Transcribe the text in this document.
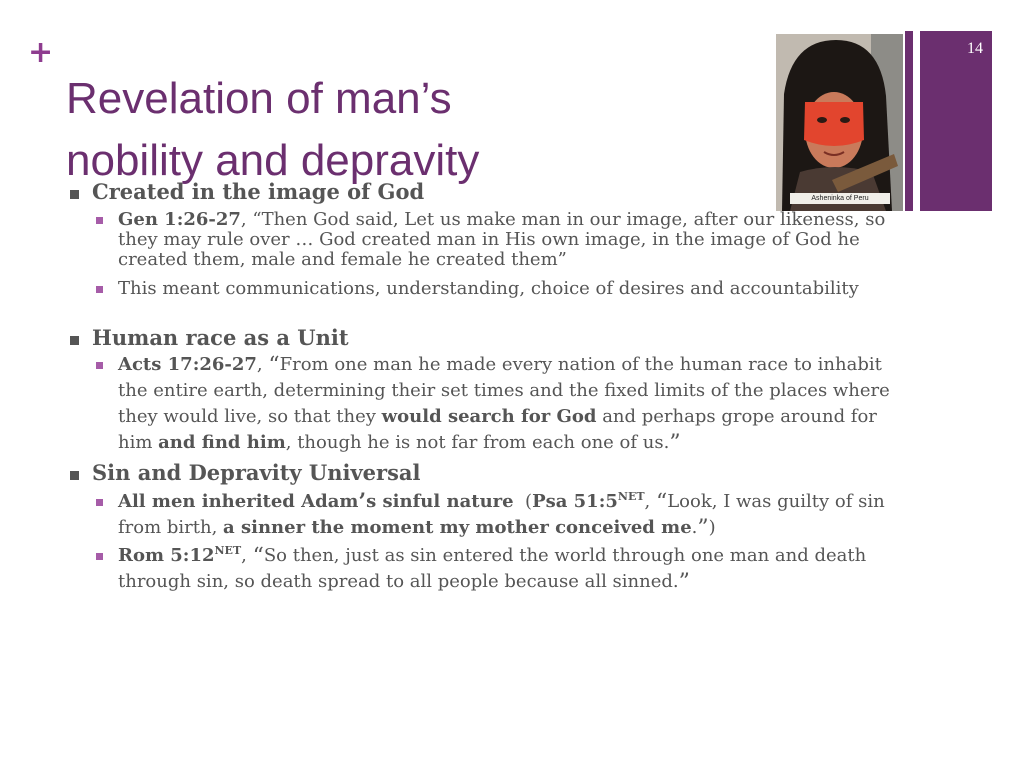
+
Revelation of man’s
nobility and depravity
Asheninka of Peru
14
Created in the image of God
Gen 1:26-27, “Then God said, Let us make man in our image, after our likeness, so they may rule over … God created man in His own image, in the image of God he created them, male and female he created them”
This meant communications, understanding, choice of desires and accountability
Human race as a Unit
Acts 17:26-27, “From one man he made every nation of the human race to inhabit the entire earth, determining their set times and the fixed limits of the places where they would live, so that they would search for God and perhaps grope around for him and find him, though he is not far from each one of us.”
Sin and Depravity Universal
All men inherited Adam’s sinful nature  (Psa $51:5^{NET}$, “Look, I was guilty of sin from birth, a sinner the moment my mother conceived me.”)
Rom $5:12^{NET}$, “So then, just as sin entered the world through one man and death through sin, so death spread to all people because all sinned.”
